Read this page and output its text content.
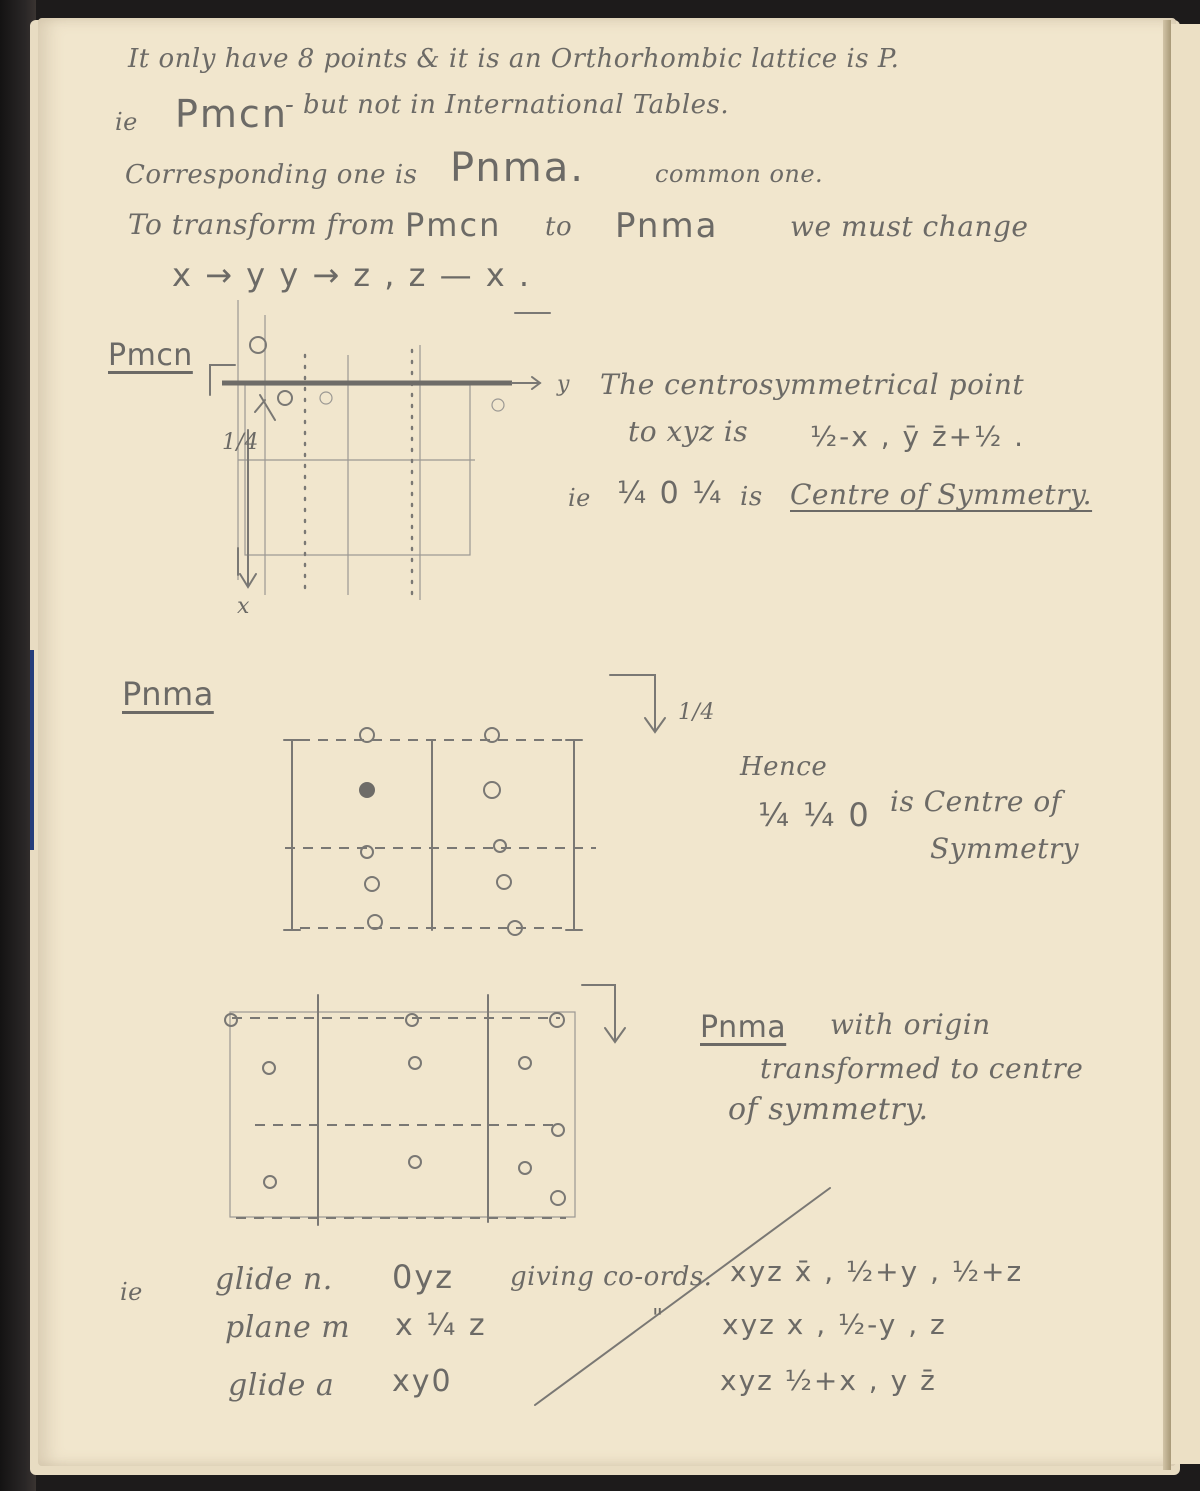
It only have 8 points & it is an Orthorhombic lattice is P.
ie Pmcn
- but not in International Tables.
Corresponding one is Pnma.	common one.
To transform from Pmcn to Pnma	we must change
x → y y → z , z — x .
Pmcn
y
x
1/4
The centrosymmetrical point
to xyz is ½-x , ȳ z̄+½ .
ie ¼ 0 ¼ is Centre of Symmetry.
Pnma	1/4
Hence
¼ ¼ 0 is Centre of
Symmetry
Pnma with origin
transformed to centre
of symmetry.
ie glide n. 0yz giving co-ords. xyz x̄ , ½+y , ½+z
plane m x ¼ z	" xyz x , ½-y , z
glide a xy0	xyz ½+x , y z̄
